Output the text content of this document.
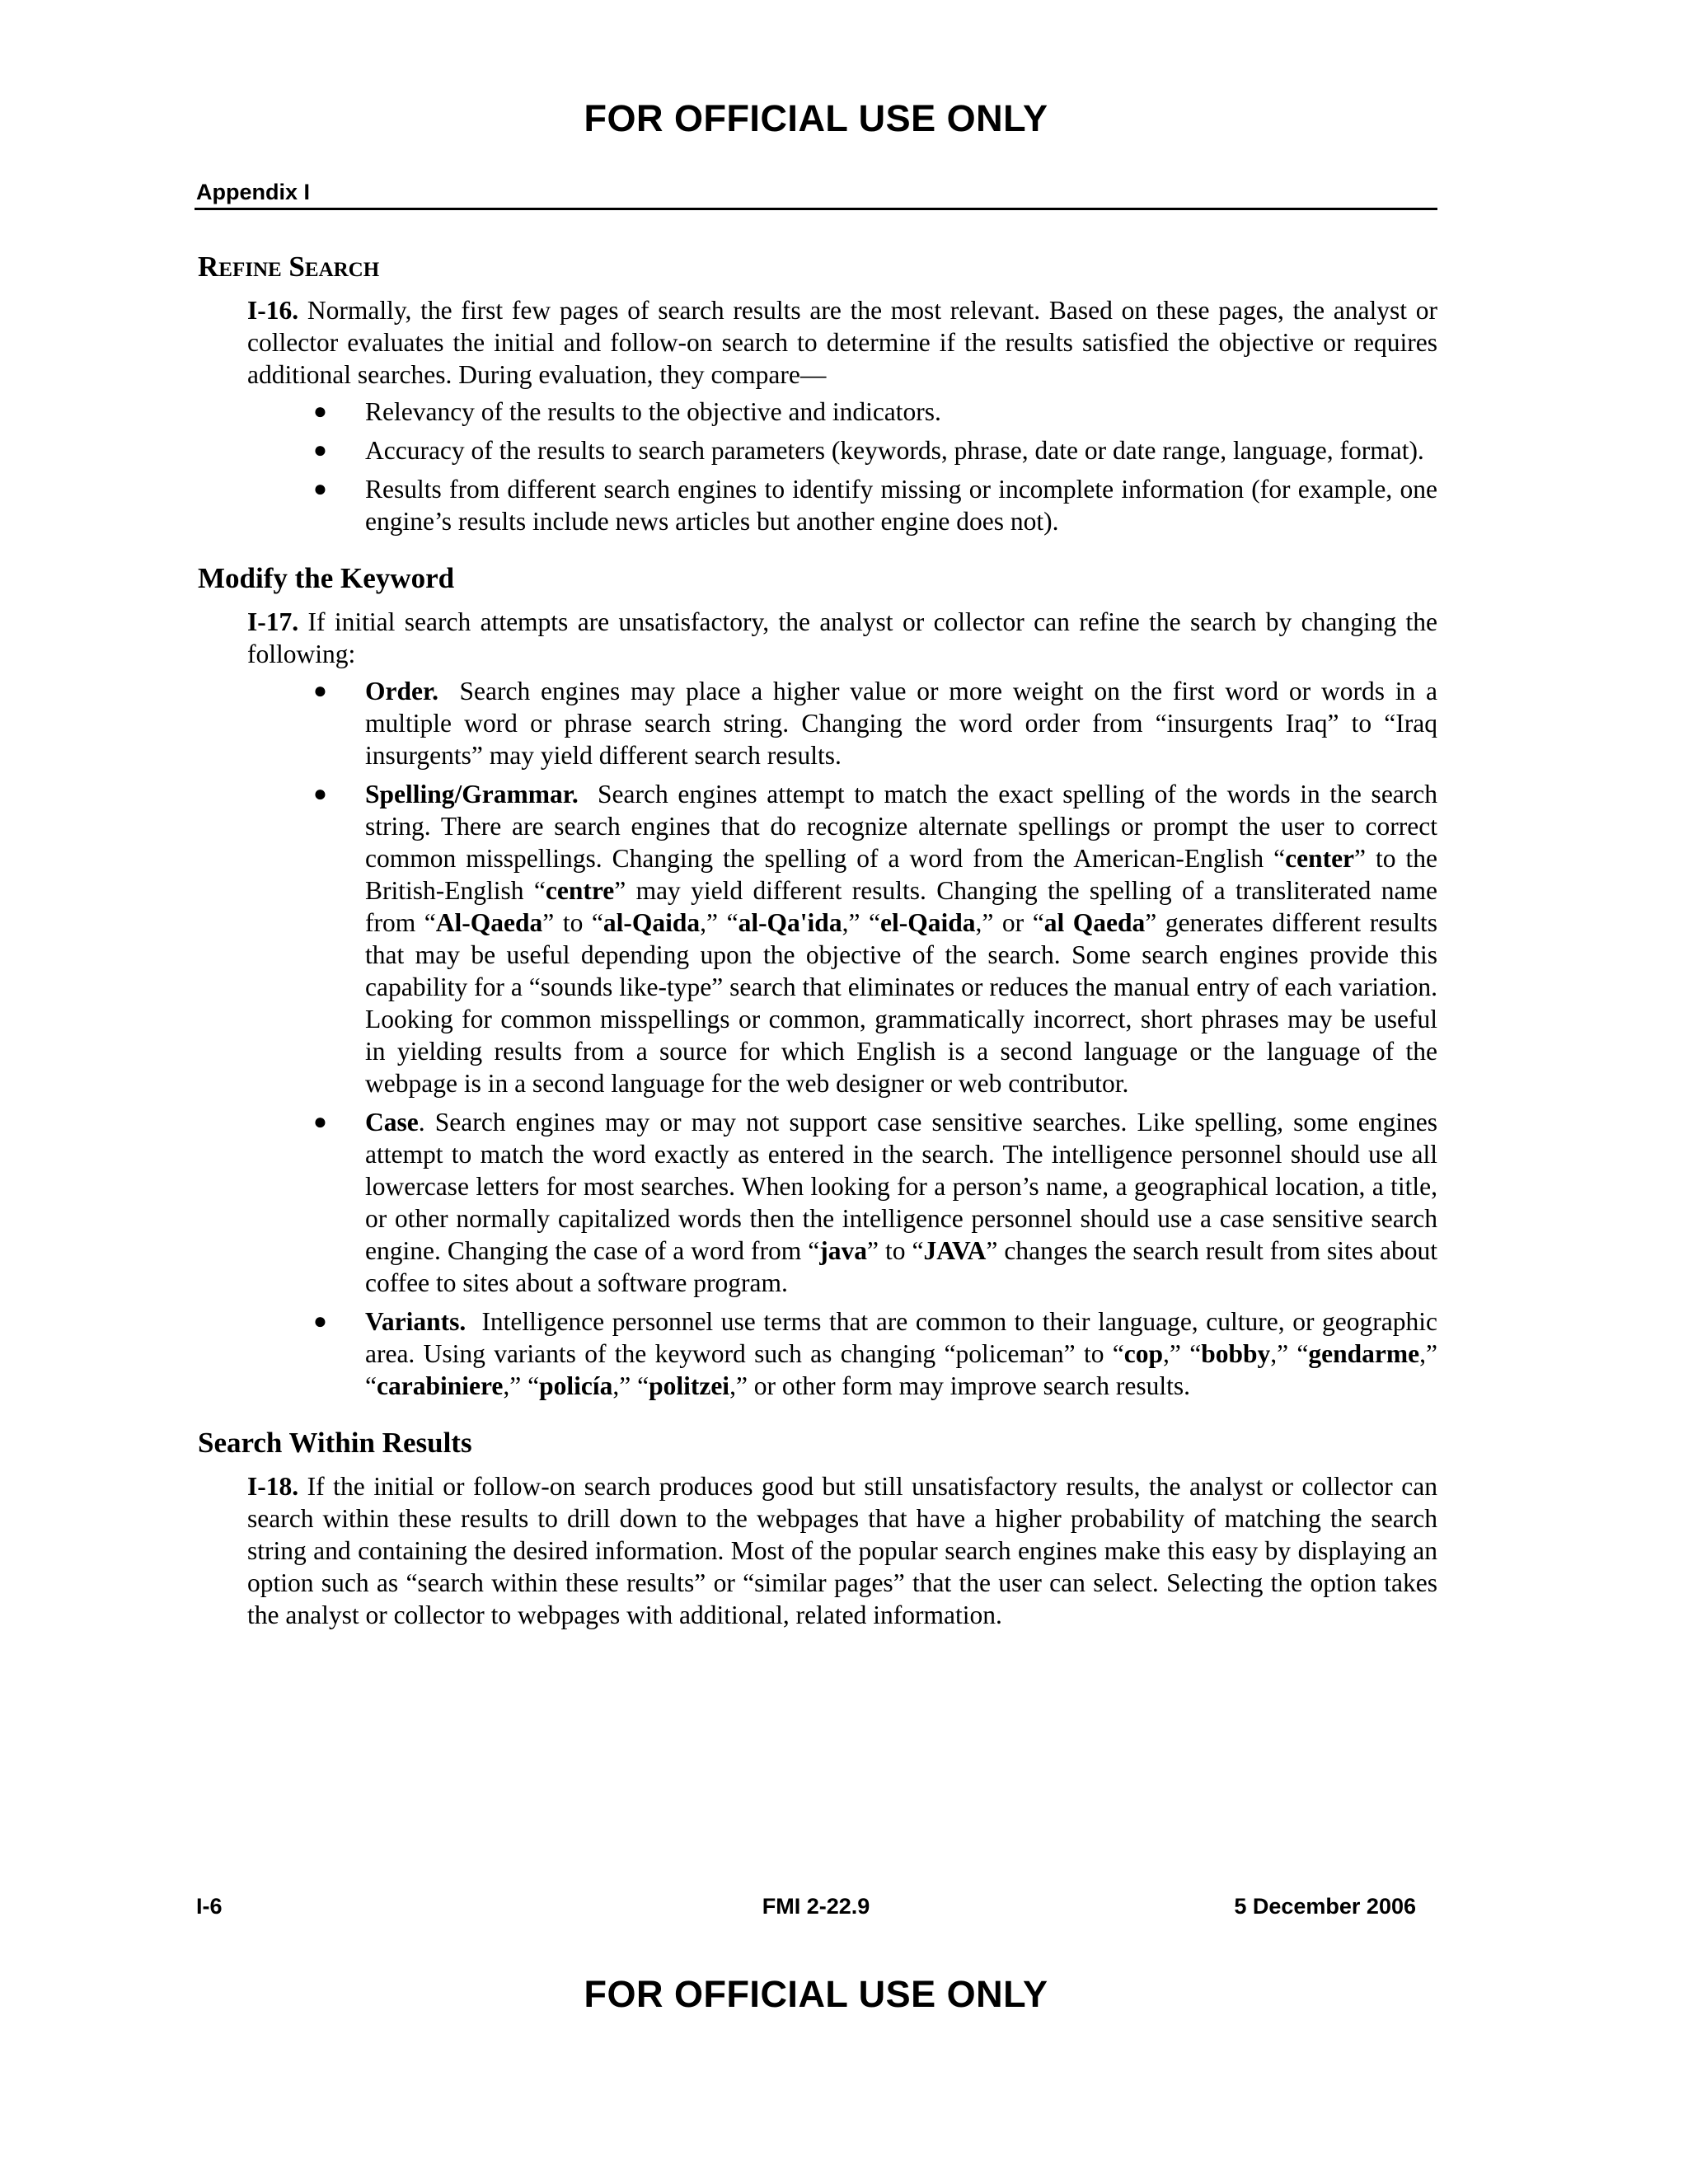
FOR OFFICIAL USE ONLY
Appendix I
Refine Search

I-16. Normally, the first few pages of search results are the most relevant. Based on these pages, the analyst or collector evaluates the initial and follow-on search to determine if the results satisfied the objective or requires additional searches. During evaluation, they compare—

● Relevancy of the results to the objective and indicators.
● Accuracy of the results to search parameters (keywords, phrase, date or date range, language, format).
● Results from different search engines to identify missing or incomplete information (for example, one engine’s results include news articles but another engine does not).
Modify the Keyword

I-17. If initial search attempts are unsatisfactory, the analyst or collector can refine the search by changing the following:

● Order. Search engines may place a higher value or more weight on the first word or words in a multiple word or phrase search string. Changing the word order from “insurgents Iraq” to “Iraq insurgents” may yield different search results.
● Spelling/Grammar. Search engines attempt to match the exact spelling of the words in the search string. There are search engines that do recognize alternate spellings or prompt the user to correct common misspellings. Changing the spelling of a word from the American-English “center” to the British-English “centre” may yield different results. Changing the spelling of a transliterated name from “Al-Qaeda” to “al-Qaida,” “al-Qa'ida,” “el-Qaida,” or “al Qaeda” generates different results that may be useful depending upon the objective of the search. Some search engines provide this capability for a “sounds like-type” search that eliminates or reduces the manual entry of each variation. Looking for common misspellings or common, grammatically incorrect, short phrases may be useful in yielding results from a source for which English is a second language or the language of the webpage is in a second language for the web designer or web contributor.
● Case. Search engines may or may not support case sensitive searches. Like spelling, some engines attempt to match the word exactly as entered in the search. The intelligence personnel should use all lowercase letters for most searches. When looking for a person’s name, a geographical location, a title, or other normally capitalized words then the intelligence personnel should use a case sensitive search engine. Changing the case of a word from “java” to “JAVA” changes the search result from sites about coffee to sites about a software program.
● Variants. Intelligence personnel use terms that are common to their language, culture, or geographic area. Using variants of the keyword such as changing “policeman” to “cop,” “bobby,” “gendarme,” “carabiniere,” “policía,” “politzei,” or other form may improve search results.
Search Within Results

I-18. If the initial or follow-on search produces good but still unsatisfactory results, the analyst or collector can search within these results to drill down to the webpages that have a higher probability of matching the search string and containing the desired information. Most of the popular search engines make this easy by displaying an option such as “search within these results” or “similar pages” that the user can select. Selecting the option takes the analyst or collector to webpages with additional, related information.

I-6	FMI 2-22.9	5 December 2006
FOR OFFICIAL USE ONLY
